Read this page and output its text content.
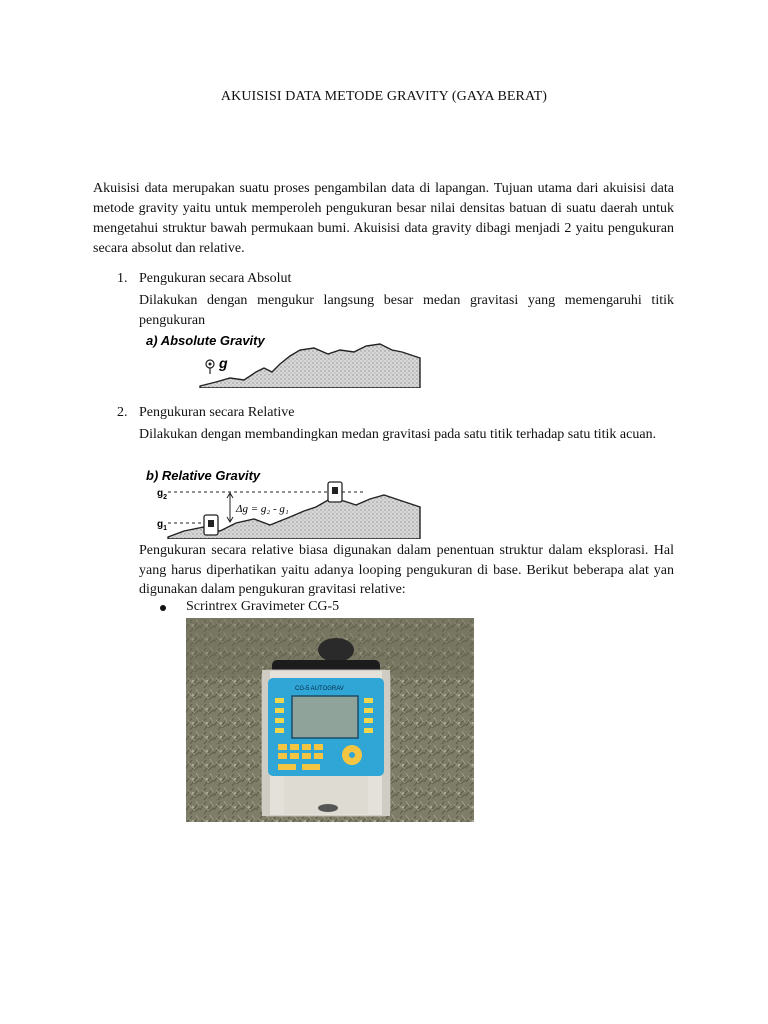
AKUISISI DATA METODE GRAVITY (GAYA BERAT)

Akuisisi data merupakan suatu proses pengambilan data di lapangan. Tujuan utama dari akuisisi data metode gravity yaitu untuk memperoleh pengukuran besar nilai densitas batuan di suatu daerah untuk mengetahui struktur bawah permukaan bumi. Akuisisi data gravity dibagi menjadi 2 yaitu pengukuran secara absolut dan relative.

1. Pengukuran secara Absolut

Dilakukan dengan mengukur langsung besar medan gravitasi yang memengaruhi titik pengukuran

a) Absolute Gravity
g
2. Pengukuran secara Relative

Dilakukan dengan membandingkan medan gravitasi pada satu titik terhadap satu titik acuan.

b) Relative Gravity
$g_2$
$g_1$
Δg = g₂ - g₁

Pengukuran secara relative biasa digunakan dalam penentuan struktur dalam eksplorasi. Hal yang harus diperhatikan yaitu adanya looping pengukuran di base. Berikut beberapa alat yan digunakan dalam pengukuran gravitasi relative:

Scrintrex Gravimeter CG-5
CG-5 AUTOGRAV
